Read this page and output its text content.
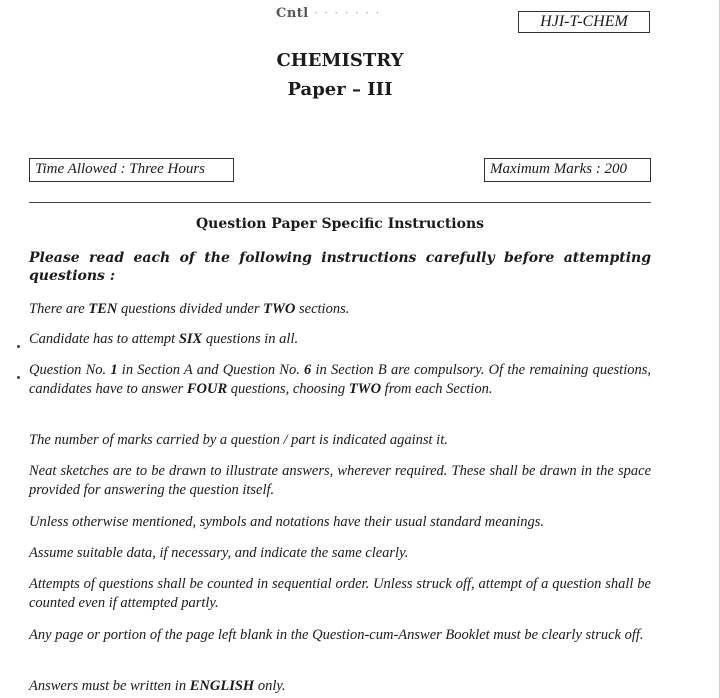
Cntl · · · · · · ·	HJI-T-CHEM
CHEMISTRY
Paper – III
Time Allowed : Three Hours	Maximum Marks : 200
Question Paper Specific Instructions
Please read each of the following instructions carefully before attempting questions :
There are TEN questions divided under TWO sections.
Candidate has to attempt SIX questions in all.
Question No. 1 in Section A and Question No. 6 in Section B are compulsory. Of the remaining questions, candidates have to answer FOUR questions, choosing TWO from each Section.
The number of marks carried by a question / part is indicated against it.
Neat sketches are to be drawn to illustrate answers, wherever required. These shall be drawn in the space provided for answering the question itself.
Unless otherwise mentioned, symbols and notations have their usual standard meanings.
Assume suitable data, if necessary, and indicate the same clearly.
Attempts of questions shall be counted in sequential order. Unless struck off, attempt of a question shall be counted even if attempted partly.
Any page or portion of the page left blank in the Question-cum-Answer Booklet must be clearly struck off.
Answers must be written in ENGLISH only.
